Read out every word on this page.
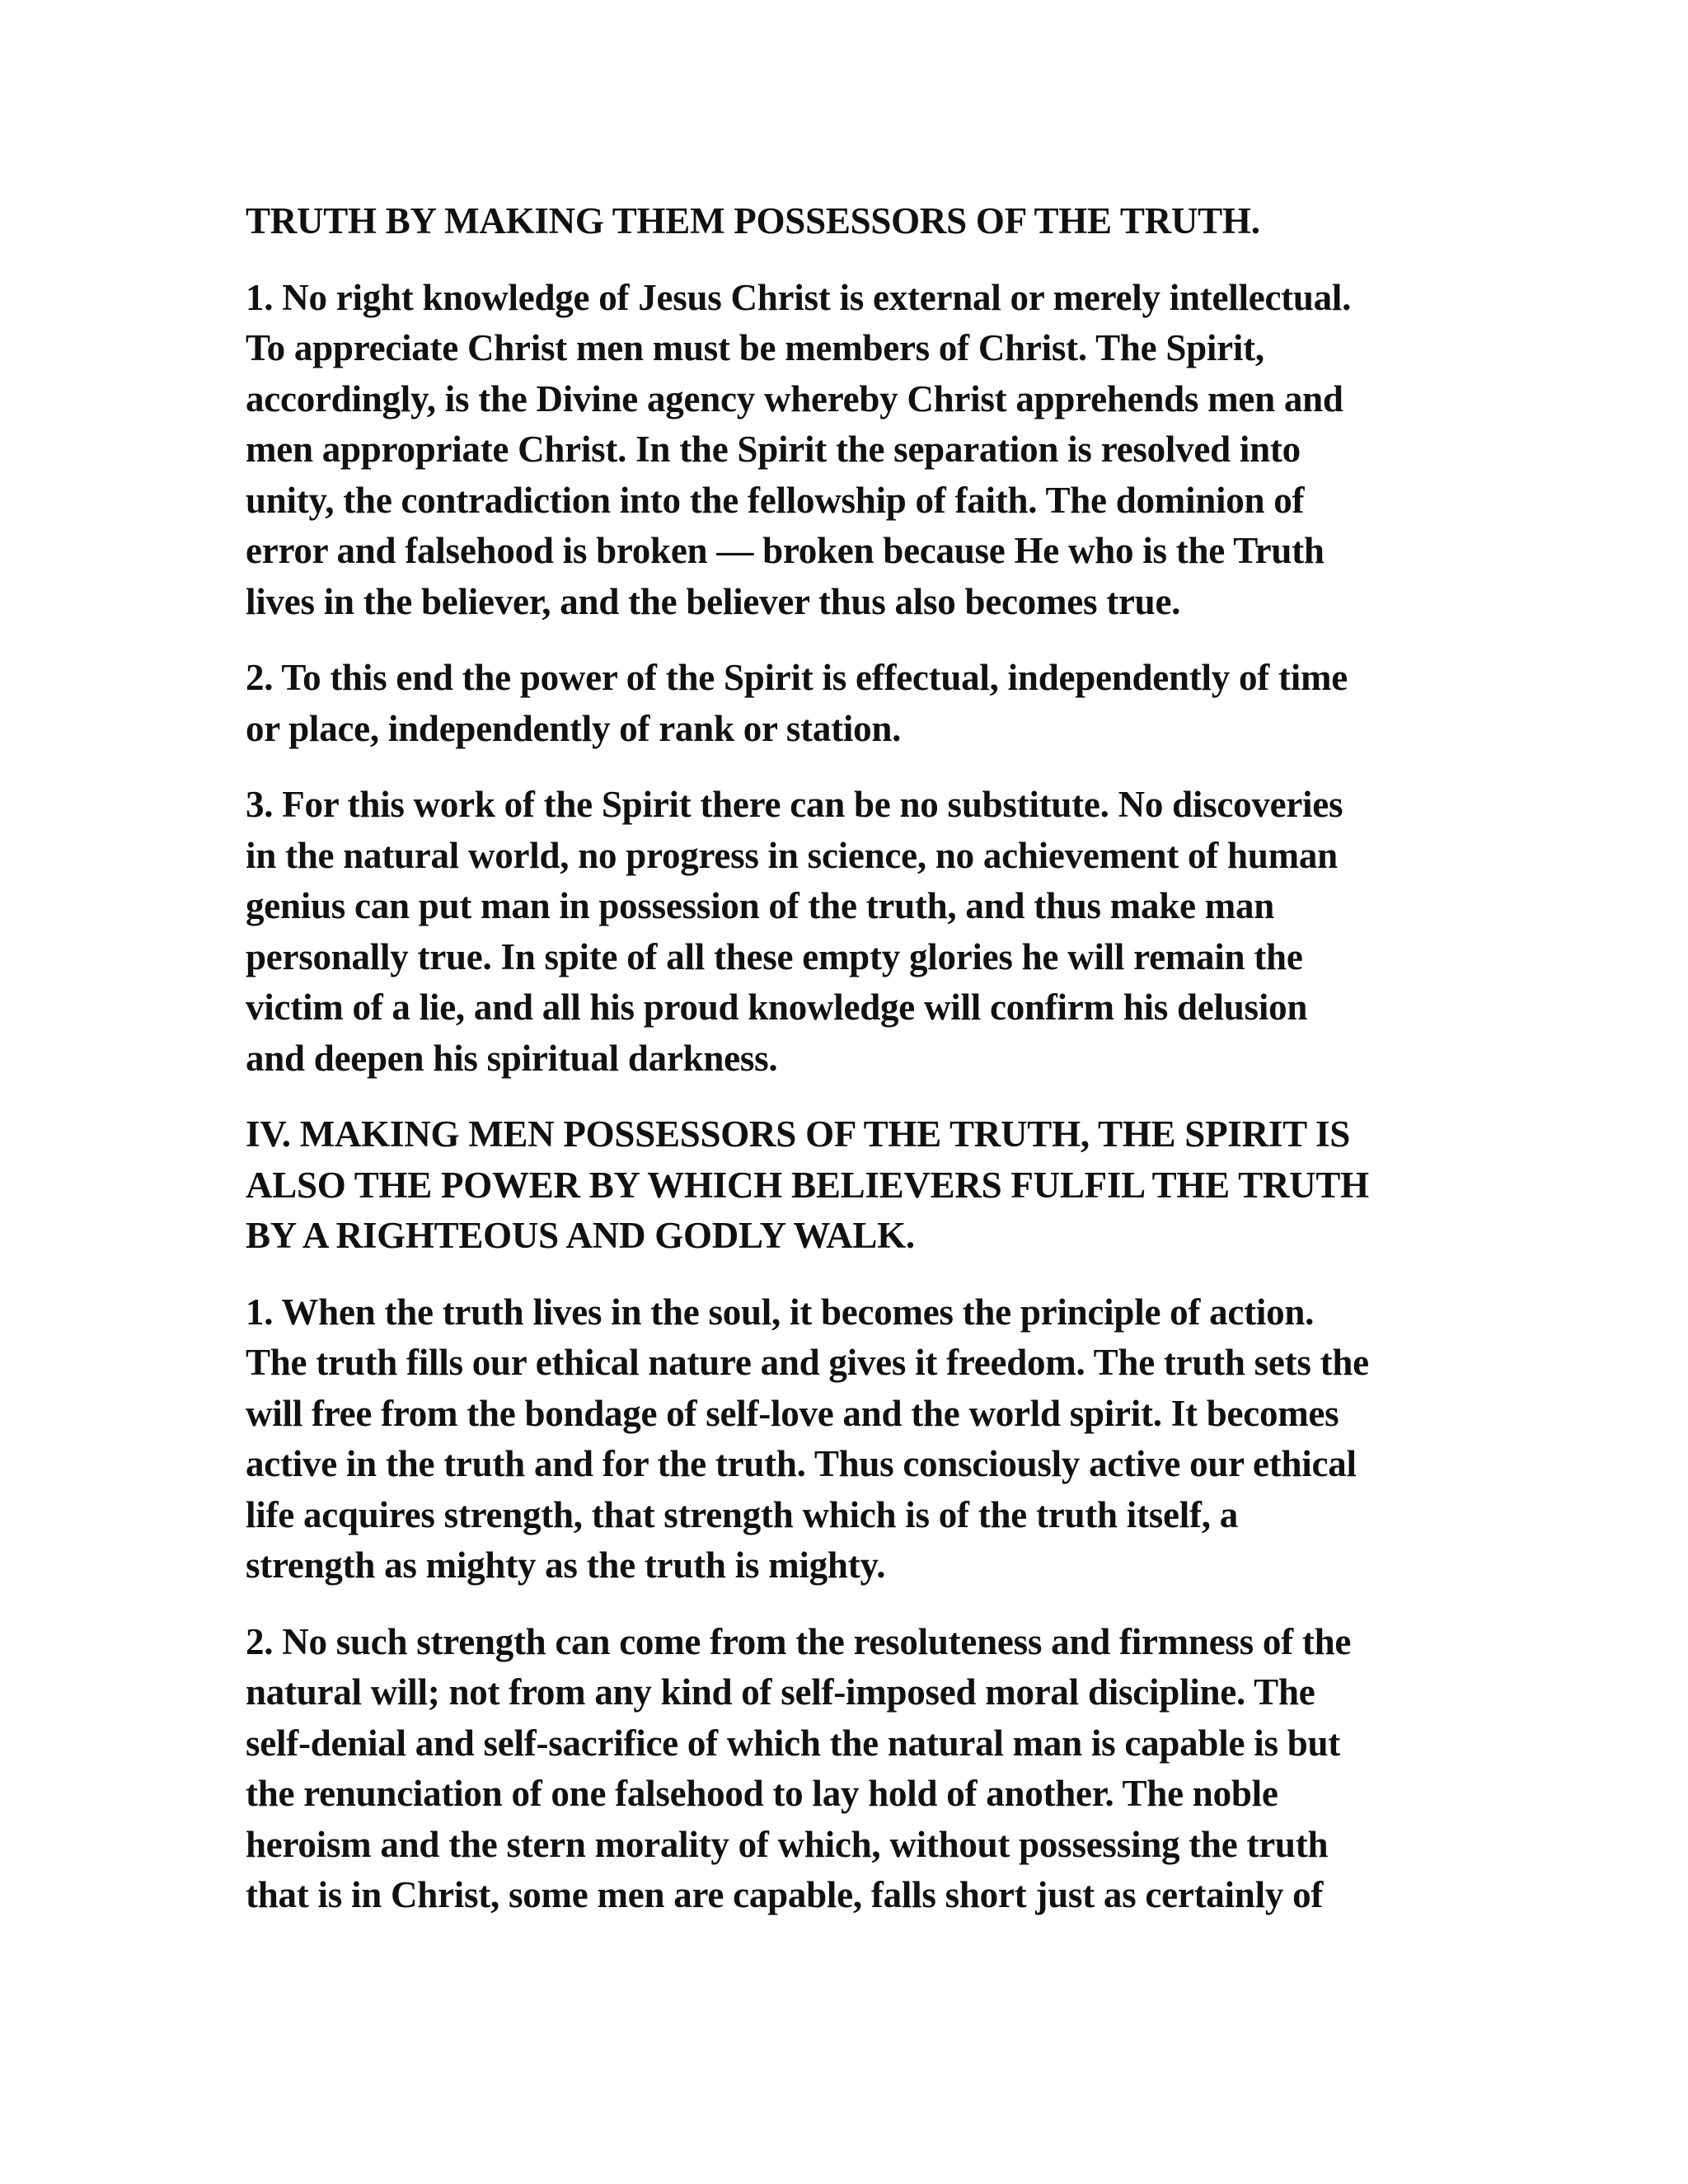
TRUTH BY MAKING THEM POSSESSORS OF THE TRUTH.

1. No right knowledge of Jesus Christ is external or merely intellectual.
To appreciate Christ men must be members of Christ. The Spirit,
accordingly, is the Divine agency whereby Christ apprehends men and
men appropriate Christ. In the Spirit the separation is resolved into
unity, the contradiction into the fellowship of faith. The dominion of
error and falsehood is broken — broken because He who is the Truth
lives in the believer, and the believer thus also becomes true.

2. To this end the power of the Spirit is effectual, independently of time
or place, independently of rank or station.

3. For this work of the Spirit there can be no substitute. No discoveries
in the natural world, no progress in science, no achievement of human
genius can put man in possession of the truth, and thus make man
personally true. In spite of all these empty glories he will remain the
victim of a lie, and all his proud knowledge will confirm his delusion
and deepen his spiritual darkness.

IV. MAKING MEN POSSESSORS OF THE TRUTH, THE SPIRIT IS
ALSO THE POWER BY WHICH BELIEVERS FULFIL THE TRUTH
BY A RIGHTEOUS AND GODLY WALK.

1. When the truth lives in the soul, it becomes the principle of action.
The truth fills our ethical nature and gives it freedom. The truth sets the
will free from the bondage of self-love and the world spirit. It becomes
active in the truth and for the truth. Thus consciously active our ethical
life acquires strength, that strength which is of the truth itself, a
strength as mighty as the truth is mighty.

2. No such strength can come from the resoluteness and firmness of the
natural will; not from any kind of self-imposed moral discipline. The
self-denial and self-sacrifice of which the natural man is capable is but
the renunciation of one falsehood to lay hold of another. The noble
heroism and the stern morality of which, without possessing the truth
that is in Christ, some men are capable, falls short just as certainly of
